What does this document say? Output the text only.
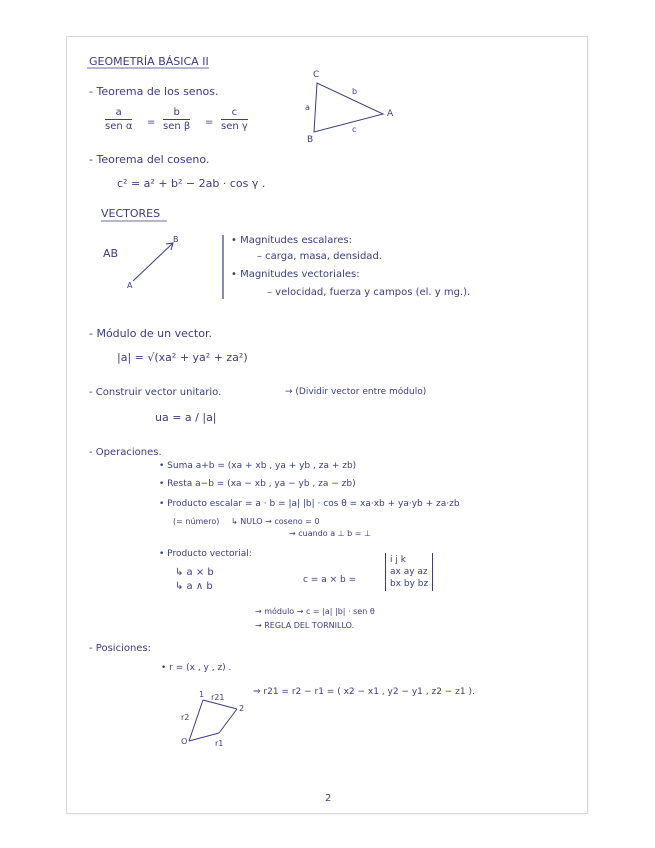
GEOMETRÍA BÁSICA II
- Teorema de los senos.
a
sen α =
b
sen β =
c
sen γ
C
B
A
a
b
c
- Teorema del coseno.
c² = a² + b² − 2ab · cos γ .
VECTORES
AB
A
B	• Magnitudes escalares:
– carga, masa, densidad.
• Magnitudes vectoriales:
– velocidad, fuerza y campos (el. y mg.).
- Módulo de un vector.
|a| = √(xa² + ya² + za²)
- Construir vector unitario.	→ (Dividir vector entre módulo)
ua = a / |a|
- Operaciones.
• Suma a+b = (xa + xb , ya + yb , za + zb)
• Resta a−b = (xa − xb , ya − yb , za − zb)
• Producto escalar = a · b = |a| |b| · cos θ = xa·xb + ya·yb + za·zb
(= número) ↳ NULO → coseno = 0
→ cuando a ⊥ b = ⊥
• Producto vectorial:
↳ a × b
↳ a ∧ b
c = a × b =
i j k
ax ay az
bx by bz
→ módulo → c = |a| |b| · sen θ
→ REGLA DEL TORNILLO.
- Posiciones:
• r = (x , y , z) .
⇒ r21 = r2 − r1 = ( x2 − x1 , y2 − y1 , z2 − z1 ).
1
2
O
r21
r1
r2
2
